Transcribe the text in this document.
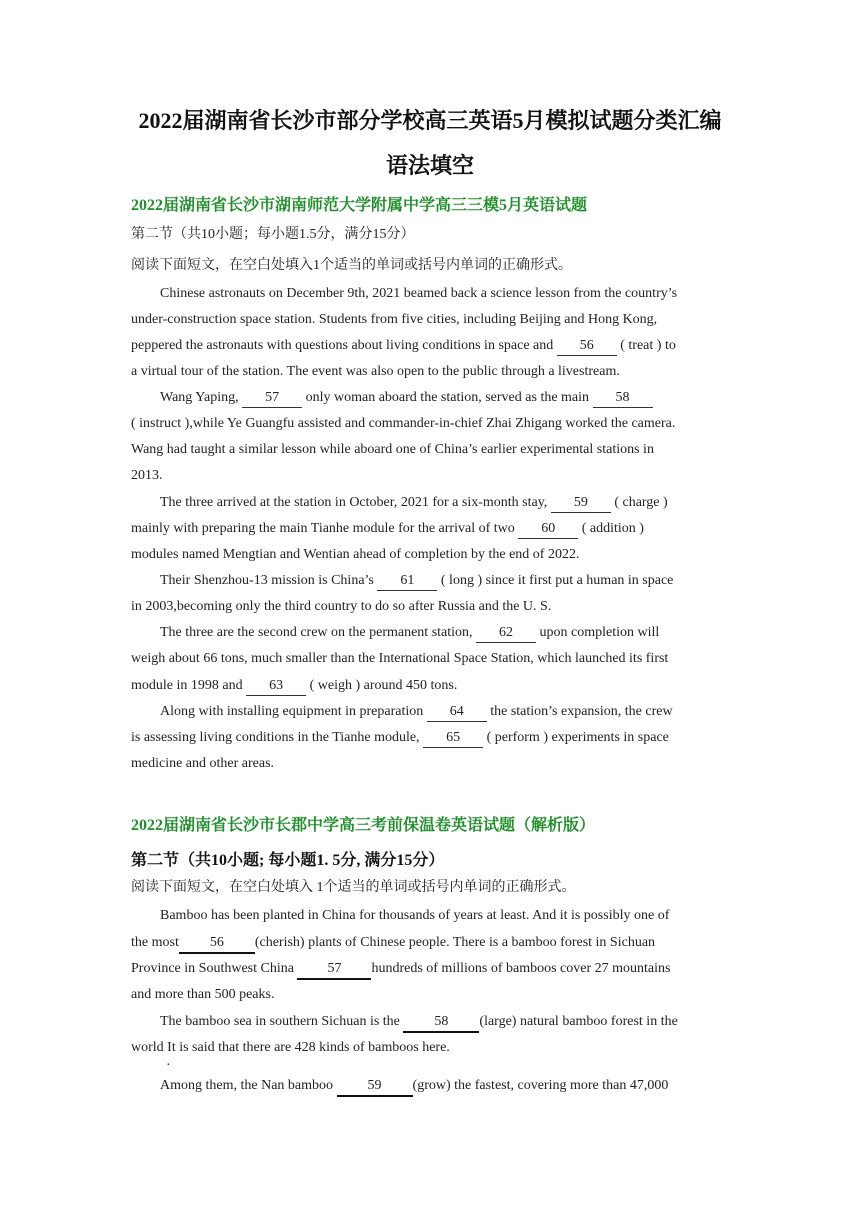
2022届湖南省长沙市部分学校高三英语5月模拟试题分类汇编
语法填空
2022届湖南省长沙市湖南师范大学附属中学高三三模5月英语试题
第二节（共10小题；每小题1.5分，满分15分）
阅读下面短文，在空白处填入1个适当的单词或括号内单词的正确形式。
Chinese astronauts on December 9th, 2021 beamed back a science lesson from the country’s
under-construction space station. Students from five cities, including Beijing and Hong Kong,
peppered the astronauts with questions about living conditions in space and 56 ( treat ) to
a virtual tour of the station. The event was also open to the public through a livestream.
Wang Yaping, 57 only woman aboard the station, served as the main 58
( instruct ),while Ye Guangfu assisted and commander-in-chief Zhai Zhigang worked the camera.
Wang had taught a similar lesson while aboard one of China’s earlier experimental stations in
2013.
The three arrived at the station in October, 2021 for a six-month stay, 59 ( charge )
mainly with preparing the main Tianhe module for the arrival of two 60 ( addition )
modules named Mengtian and Wentian ahead of completion by the end of 2022.
Their Shenzhou-13 mission is China’s 61 ( long ) since it first put a human in space
in 2003,becoming only the third country to do so after Russia and the U. S.
The three are the second crew on the permanent station, 62 upon completion will
weigh about 66 tons, much smaller than the International Space Station, which launched its first
module in 1998 and 63 ( weigh ) around 450 tons.
Along with installing equipment in preparation 64 the station’s expansion, the crew
is assessing living conditions in the Tianhe module, 65 ( perform ) experiments in space
medicine and other areas.
2022届湖南省长沙市长郡中学高三考前保温卷英语试题（解析版）
第二节（共10小题; 每小题1. 5分, 满分15分）
阅读下面短文，在空白处填入 1个适当的单词或括号内单词的正确形式。
Bamboo has been planted in China for thousands of years at least. And it is possibly one of
the most 56 (cherish) plants of Chinese people. There is a bamboo forest in Sichuan
Province in Southwest China 57 hundreds of millions of bamboos cover 27 mountains
and more than 500 peaks.
The bamboo sea in southern Sichuan is the 58 (large) natural bamboo forest in the
world It is said that there are 428 kinds of bamboos here.
·
Among them, the Nan bamboo 59 (grow) the fastest, covering more than 47,000
